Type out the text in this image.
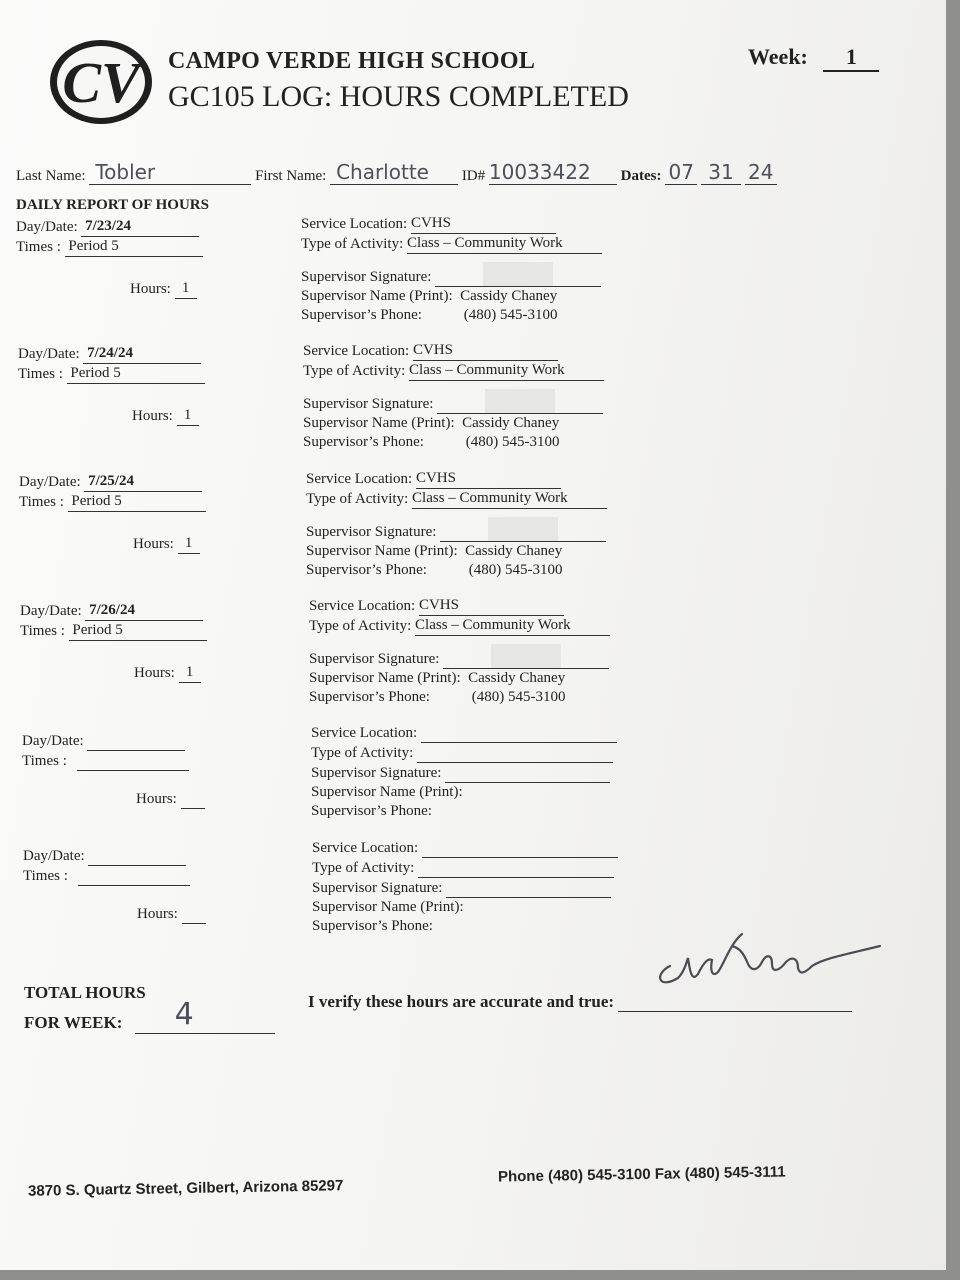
CV CAMPO VERDE HIGH SCHOOL
GC105 LOG: HOURS COMPLETED
Week: 1
Last Name: Tobler	First Name: Charlotte ID# 10033422 Dates: 07 31 24
DAILY REPORT OF HOURS
Day/Date: 7/23/24
Times : Period 5
Hours: 1
Service Location: CVHS
Type of Activity: Class – Community Work
Supervisor Signature:
Supervisor Name (Print): Cassidy Chaney
Supervisor’s Phone:	(480) 545-3100
Day/Date: 7/24/24
Times : Period 5
Hours: 1
Service Location: CVHS
Type of Activity: Class – Community Work
Supervisor Signature:
Supervisor Name (Print): Cassidy Chaney
Supervisor’s Phone:	(480) 545-3100
Day/Date: 7/25/24
Times : Period 5
Hours: 1
Service Location: CVHS
Type of Activity: Class – Community Work
Supervisor Signature:
Supervisor Name (Print): Cassidy Chaney
Supervisor’s Phone:	(480) 545-3100
Day/Date: 7/26/24
Times : Period 5
Hours: 1
Service Location: CVHS
Type of Activity: Class – Community Work
Supervisor Signature:
Supervisor Name (Print): Cassidy Chaney
Supervisor’s Phone:	(480) 545-3100
Day/Date:
Times :
Hours:
Service Location:
Type of Activity:
Supervisor Signature:
Supervisor Name (Print):
Supervisor’s Phone:
Day/Date:
Times :
Hours:
Service Location:
Type of Activity:
Supervisor Signature:
Supervisor Name (Print):
Supervisor’s Phone:
TOTAL HOURS
FOR WEEK: 4	I verify these hours are accurate and true:
3870 S. Quartz Street, Gilbert, Arizona 85297
Phone (480) 545-3100 Fax (480) 545-3111
